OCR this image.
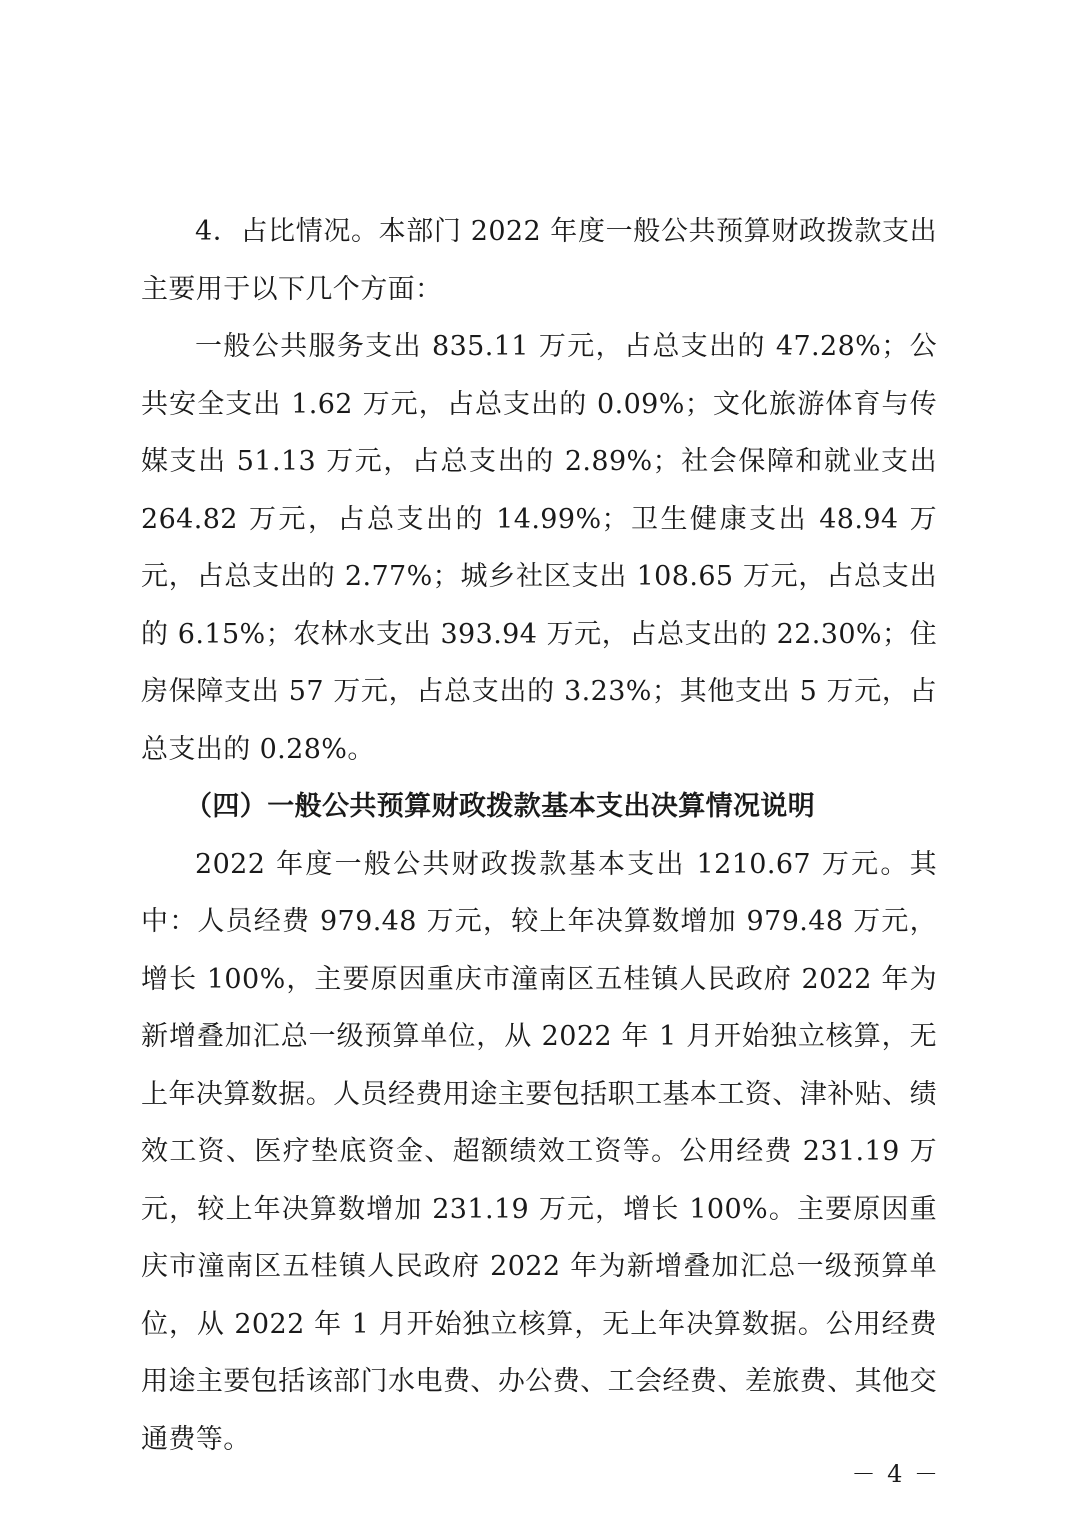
4．占比情况。本部门 2022 年度一般公共预算财政拨款支出主要用于以下几个方面：

一般公共服务支出 835.11 万元，占总支出的 47.28%；公共安全支出 1.62 万元，占总支出的 0.09%；文化旅游体育与传媒支出 51.13 万元，占总支出的 2.89%；社会保障和就业支出 264.82 万元，占总支出的 14.99%；卫生健康支出 48.94 万元，占总支出的 2.77%；城乡社区支出 108.65 万元，占总支出的 6.15%；农林水支出 393.94 万元，占总支出的 22.30%；住房保障支出 57 万元，占总支出的 3.23%；其他支出 5 万元，占总支出的 0.28%。

（四）一般公共预算财政拨款基本支出决算情况说明

2022 年度一般公共财政拨款基本支出 1210.67 万元。其中：人员经费 979.48 万元，较上年决算数增加 979.48 万元，增长 100%，主要原因重庆市潼南区五桂镇人民政府 2022 年为新增叠加汇总一级预算单位，从 2022 年 1 月开始独立核算，无上年决算数据。人员经费用途主要包括职工基本工资、津补贴、绩效工资、医疗垫底资金、超额绩效工资等。公用经费 231.19 万元，较上年决算数增加 231.19 万元，增长 100%。主要原因重庆市潼南区五桂镇人民政府 2022 年为新增叠加汇总一级预算单位，从 2022 年 1 月开始独立核算，无上年决算数据。公用经费用途主要包括该部门水电费、办公费、工会经费、差旅费、其他交通费等。

－ 4 －
